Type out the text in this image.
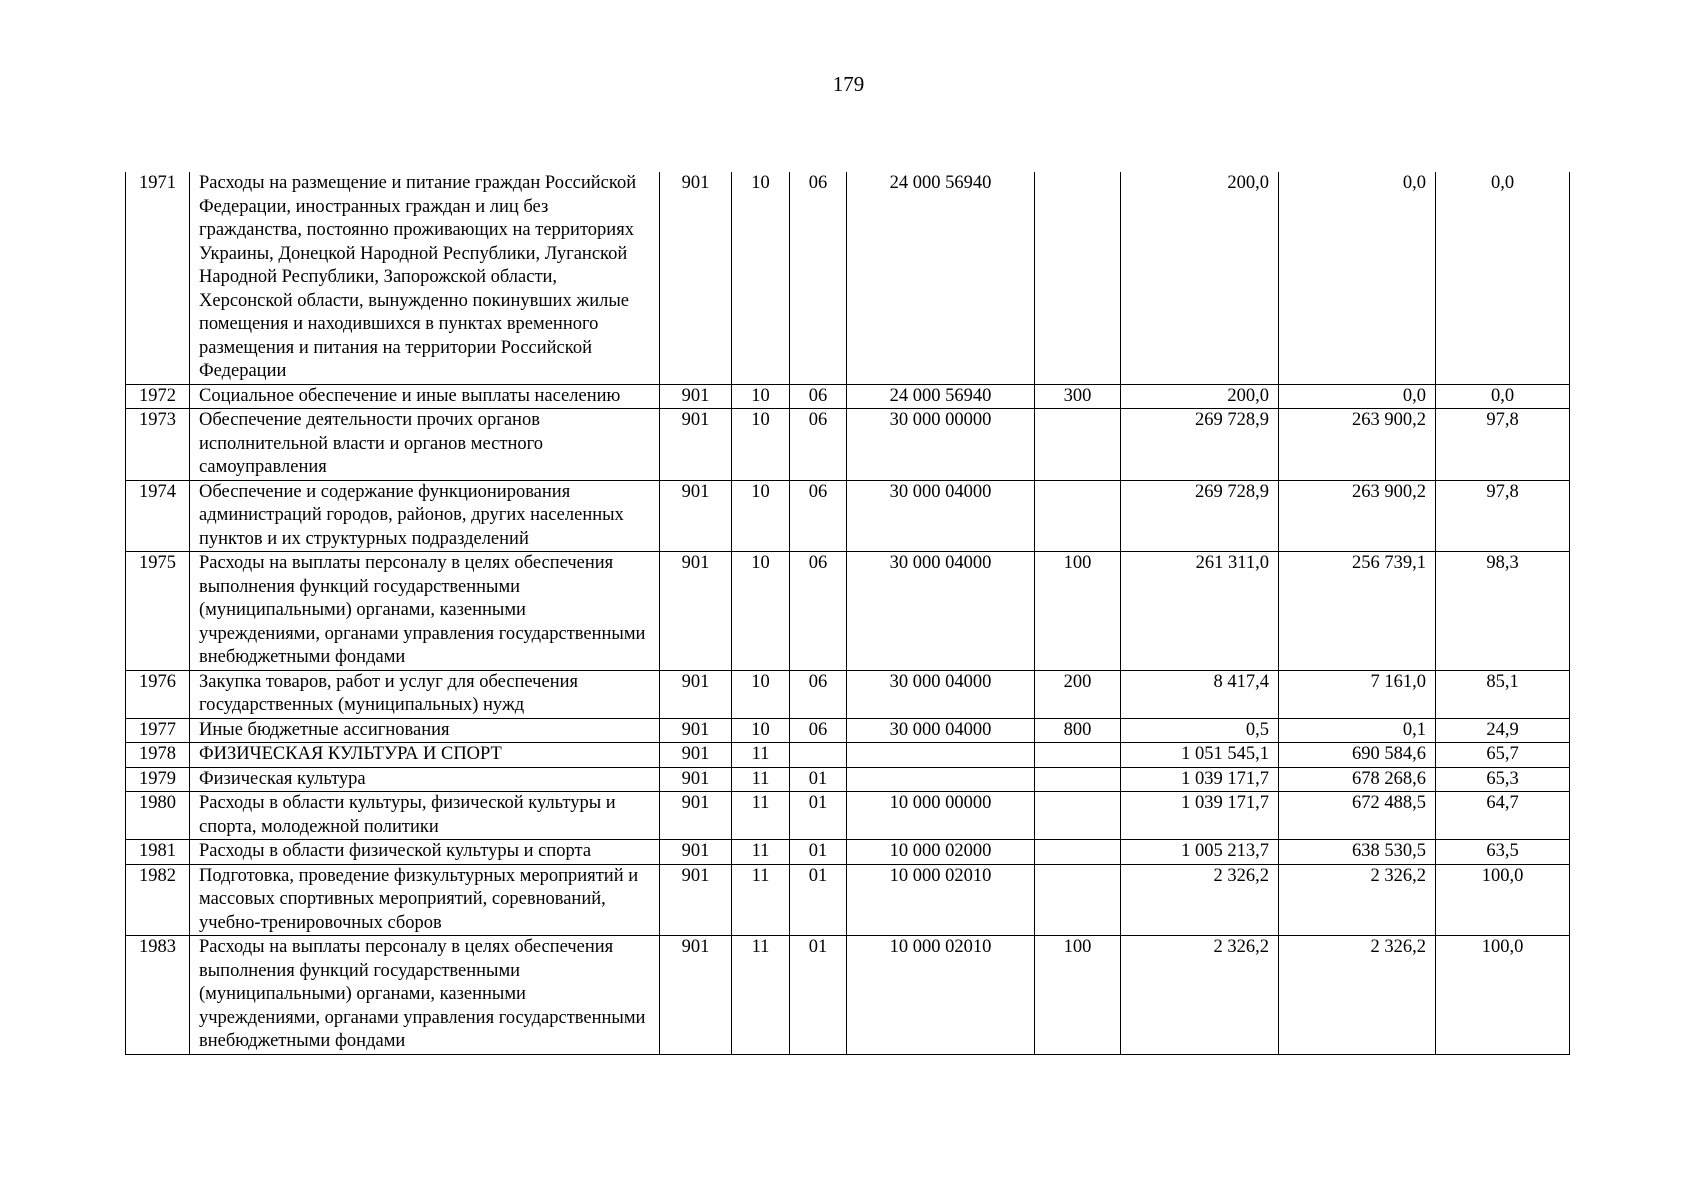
179
1971	Расходы на размещение и питание граждан Российской Федерации, иностранных граждан и лиц без гражданства, постоянно проживающих на территориях Украины, Донецкой Народной Республики, Луганской Народной Республики, Запорожской области, Херсонской области, вынужденно покинувших жилые помещения и находившихся в пунктах временного размещения и питания на территории Российской Федерации	901	10	06	24 000 56940		200,0	0,0	0,0
1972	Социальное обеспечение и иные выплаты населению	901	10	06	24 000 56940	300	200,0	0,0	0,0
1973	Обеспечение деятельности прочих органов исполнительной власти и органов местного самоуправления	901	10	06	30 000 00000		269 728,9	263 900,2	97,8
1974	Обеспечение и содержание функционирования администраций городов, районов, других населенных пунктов и их структурных подразделений	901	10	06	30 000 04000		269 728,9	263 900,2	97,8
1975	Расходы на выплаты персоналу в целях обеспечения выполнения функций государственными (муниципальными) органами, казенными учреждениями, органами управления государственными внебюджетными фондами	901	10	06	30 000 04000	100	261 311,0	256 739,1	98,3
1976	Закупка товаров, работ и услуг для обеспечения государственных (муниципальных) нужд	901	10	06	30 000 04000	200	8 417,4	7 161,0	85,1
1977	Иные бюджетные ассигнования	901	10	06	30 000 04000	800	0,5	0,1	24,9
1978	ФИЗИЧЕСКАЯ КУЛЬТУРА И СПОРТ	901	11				1 051 545,1	690 584,6	65,7
1979	Физическая культура	901	11	01			1 039 171,7	678 268,6	65,3
1980	Расходы в области культуры, физической культуры и спорта, молодежной политики	901	11	01	10 000 00000		1 039 171,7	672 488,5	64,7
1981	Расходы в области физической культуры и спорта	901	11	01	10 000 02000		1 005 213,7	638 530,5	63,5
1982	Подготовка, проведение физкультурных мероприятий и массовых спортивных мероприятий, соревнований, учебно-тренировочных сборов	901	11	01	10 000 02010		2 326,2	2 326,2	100,0
1983	Расходы на выплаты персоналу в целях обеспечения выполнения функций государственными (муниципальными) органами, казенными учреждениями, органами управления государственными внебюджетными фондами	901	11	01	10 000 02010	100	2 326,2	2 326,2	100,0
